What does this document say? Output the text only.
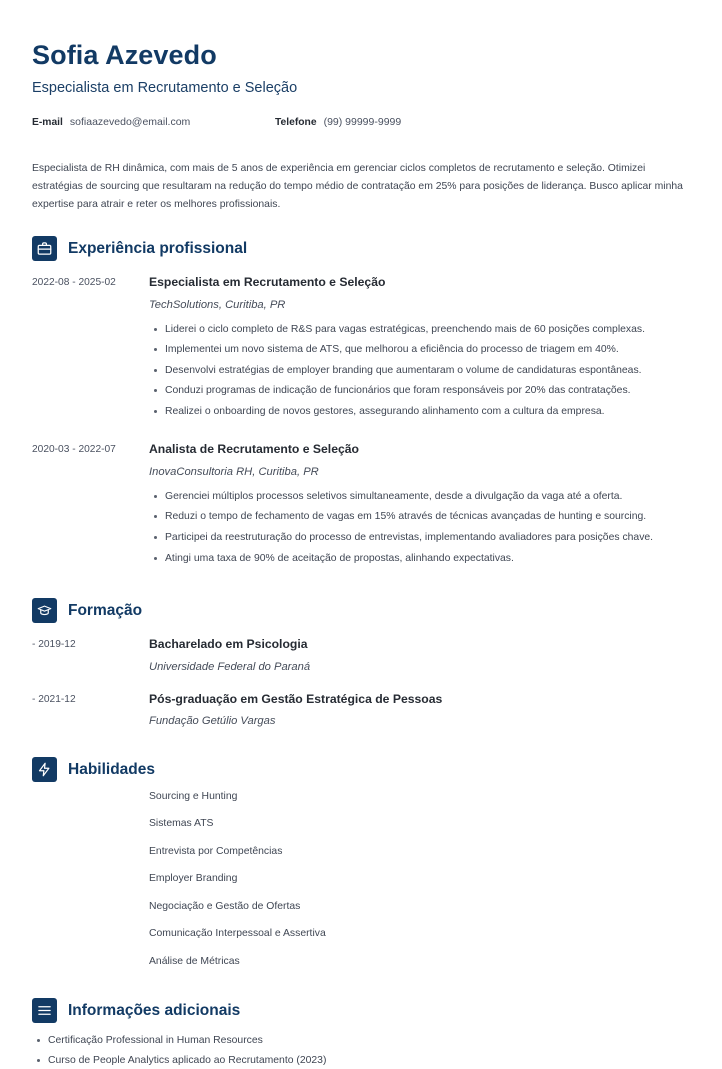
Sofia Azevedo
Especialista em Recrutamento e Seleção
E-mail sofiaazevedo@email.com	Telefone (99) 99999-9999
Especialista de RH dinâmica, com mais de 5 anos de experiência em gerenciar ciclos completos de recrutamento e seleção. Otimizei estratégias de sourcing que resultaram na redução do tempo médio de contratação em 25% para posições de liderança. Busco aplicar minha expertise para atrair e reter os melhores profissionais.
Experiência profissional
2022-08 - 2025-02	Especialista em Recrutamento e Seleção
TechSolutions, Curitiba, PR
Liderei o ciclo completo de R&S para vagas estratégicas, preenchendo mais de 60 posições complexas.
Implementei um novo sistema de ATS, que melhorou a eficiência do processo de triagem em 40%.
Desenvolvi estratégias de employer branding que aumentaram o volume de candidaturas espontâneas.
Conduzi programas de indicação de funcionários que foram responsáveis por 20% das contratações.
Realizei o onboarding de novos gestores, assegurando alinhamento com a cultura da empresa.
2020-03 - 2022-07	Analista de Recrutamento e Seleção
InovaConsultoria RH, Curitiba, PR
Gerenciei múltiplos processos seletivos simultaneamente, desde a divulgação da vaga até a oferta.
Reduzi o tempo de fechamento de vagas em 15% através de técnicas avançadas de hunting e sourcing.
Participei da reestruturação do processo de entrevistas, implementando avaliadores para posições chave.
Atingi uma taxa de 90% de aceitação de propostas, alinhando expectativas.
Formação
- 2019-12	Bacharelado em Psicologia
Universidade Federal do Paraná
- 2021-12	Pós-graduação em Gestão Estratégica de Pessoas
Fundação Getúlio Vargas
Habilidades
Sourcing e Hunting
Sistemas ATS
Entrevista por Competências
Employer Branding
Negociação e Gestão de Ofertas
Comunicação Interpessoal e Assertiva
Análise de Métricas
Informações adicionais
Certificação Professional in Human Resources
Curso de People Analytics aplicado ao Recrutamento (2023)
